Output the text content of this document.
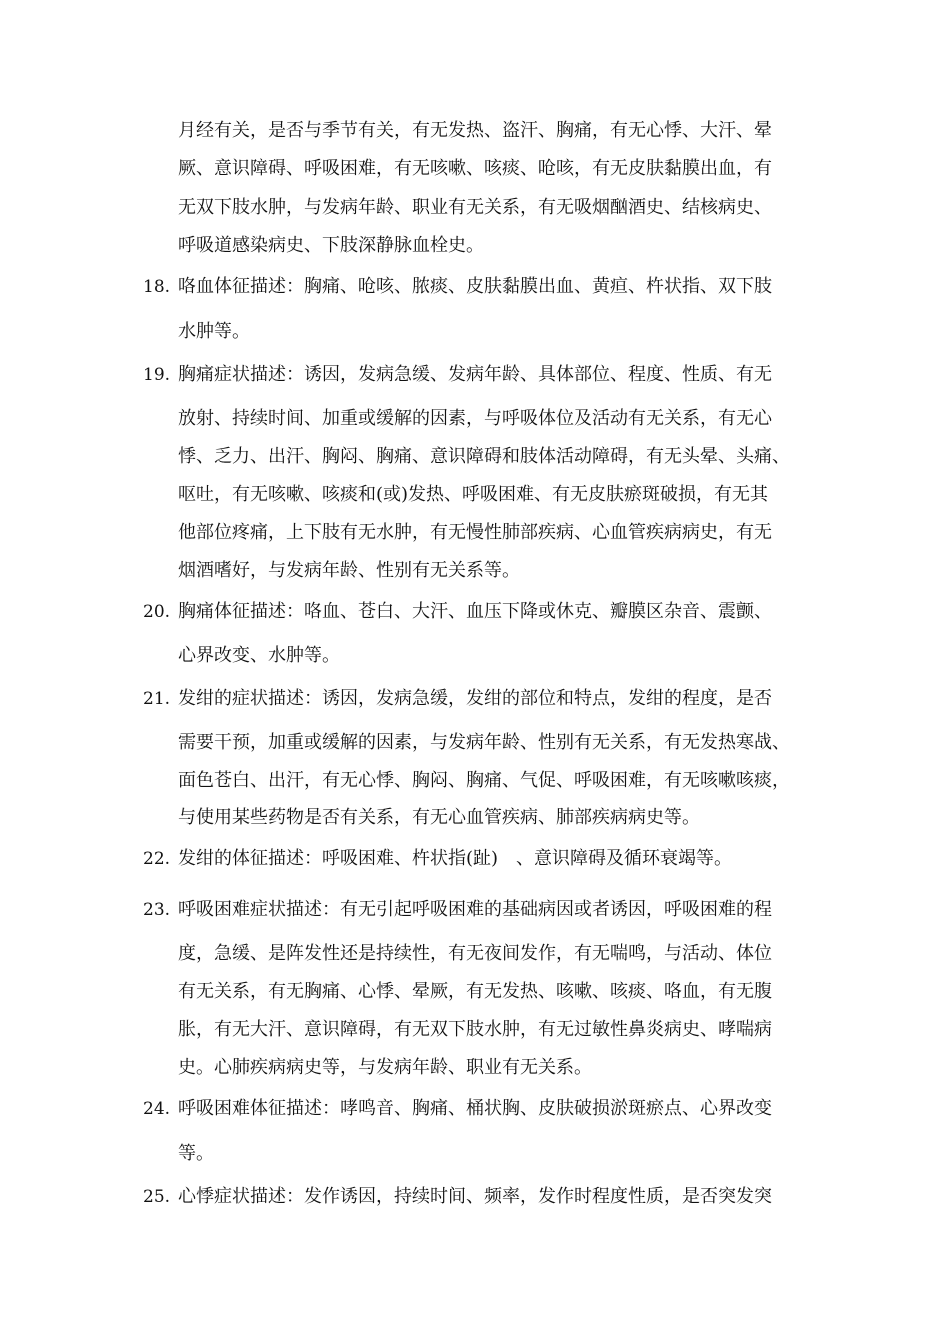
月经有关，是否与季节有关，有无发热、盗汗、胸痛，有无心悸、大汗、晕
厥、意识障碍、呼吸困难，有无咳嗽、咳痰、呛咳，有无皮肤黏膜出血，有
无双下肢水肿，与发病年龄、职业有无关系，有无吸烟酗酒史、结核病史、
呼吸道感染病史、下肢深静脉血栓史。
18. 咯血体征描述：胸痛、呛咳、脓痰、皮肤黏膜出血、黄疸、杵状指、双下肢
水肿等。
19. 胸痛症状描述：诱因，发病急缓、发病年龄、具体部位、程度、性质、有无
放射、持续时间、加重或缓解的因素，与呼吸体位及活动有无关系，有无心
悸、乏力、出汗、胸闷、胸痛、意识障碍和肢体活动障碍，有无头晕、头痛、
呕吐，有无咳嗽、咳痰和(或)发热、呼吸困难、有无皮肤瘀斑破损，有无其
他部位疼痛，上下肢有无水肿，有无慢性肺部疾病、心血管疾病病史，有无
烟酒嗜好，与发病年龄、性别有无关系等。
20. 胸痛体征描述：咯血、苍白、大汗、血压下降或休克、瓣膜区杂音、震颤、
心界改变、水肿等。
21. 发绀的症状描述：诱因，发病急缓，发绀的部位和特点，发绀的程度，是否
需要干预，加重或缓解的因素，与发病年龄、性别有无关系，有无发热寒战、
面色苍白、出汗，有无心悸、胸闷、胸痛、气促、呼吸困难，有无咳嗽咳痰，
与使用某些药物是否有关系，有无心血管疾病、肺部疾病病史等。
22. 发绀的体征描述：呼吸困难、杵状指(趾)　、意识障碍及循环衰竭等。
23. 呼吸困难症状描述：有无引起呼吸困难的基础病因或者诱因，呼吸困难的程
度，急缓、是阵发性还是持续性，有无夜间发作，有无喘鸣，与活动、体位
有无关系，有无胸痛、心悸、晕厥，有无发热、咳嗽、咳痰、咯血，有无腹
胀，有无大汗、意识障碍，有无双下肢水肿，有无过敏性鼻炎病史、哮喘病
史。心肺疾病病史等，与发病年龄、职业有无关系。
24. 呼吸困难体征描述：哮鸣音、胸痛、桶状胸、皮肤破损淤斑瘀点、心界改变
等。
25. 心悸症状描述：发作诱因，持续时间、频率，发作时程度性质，是否突发突
